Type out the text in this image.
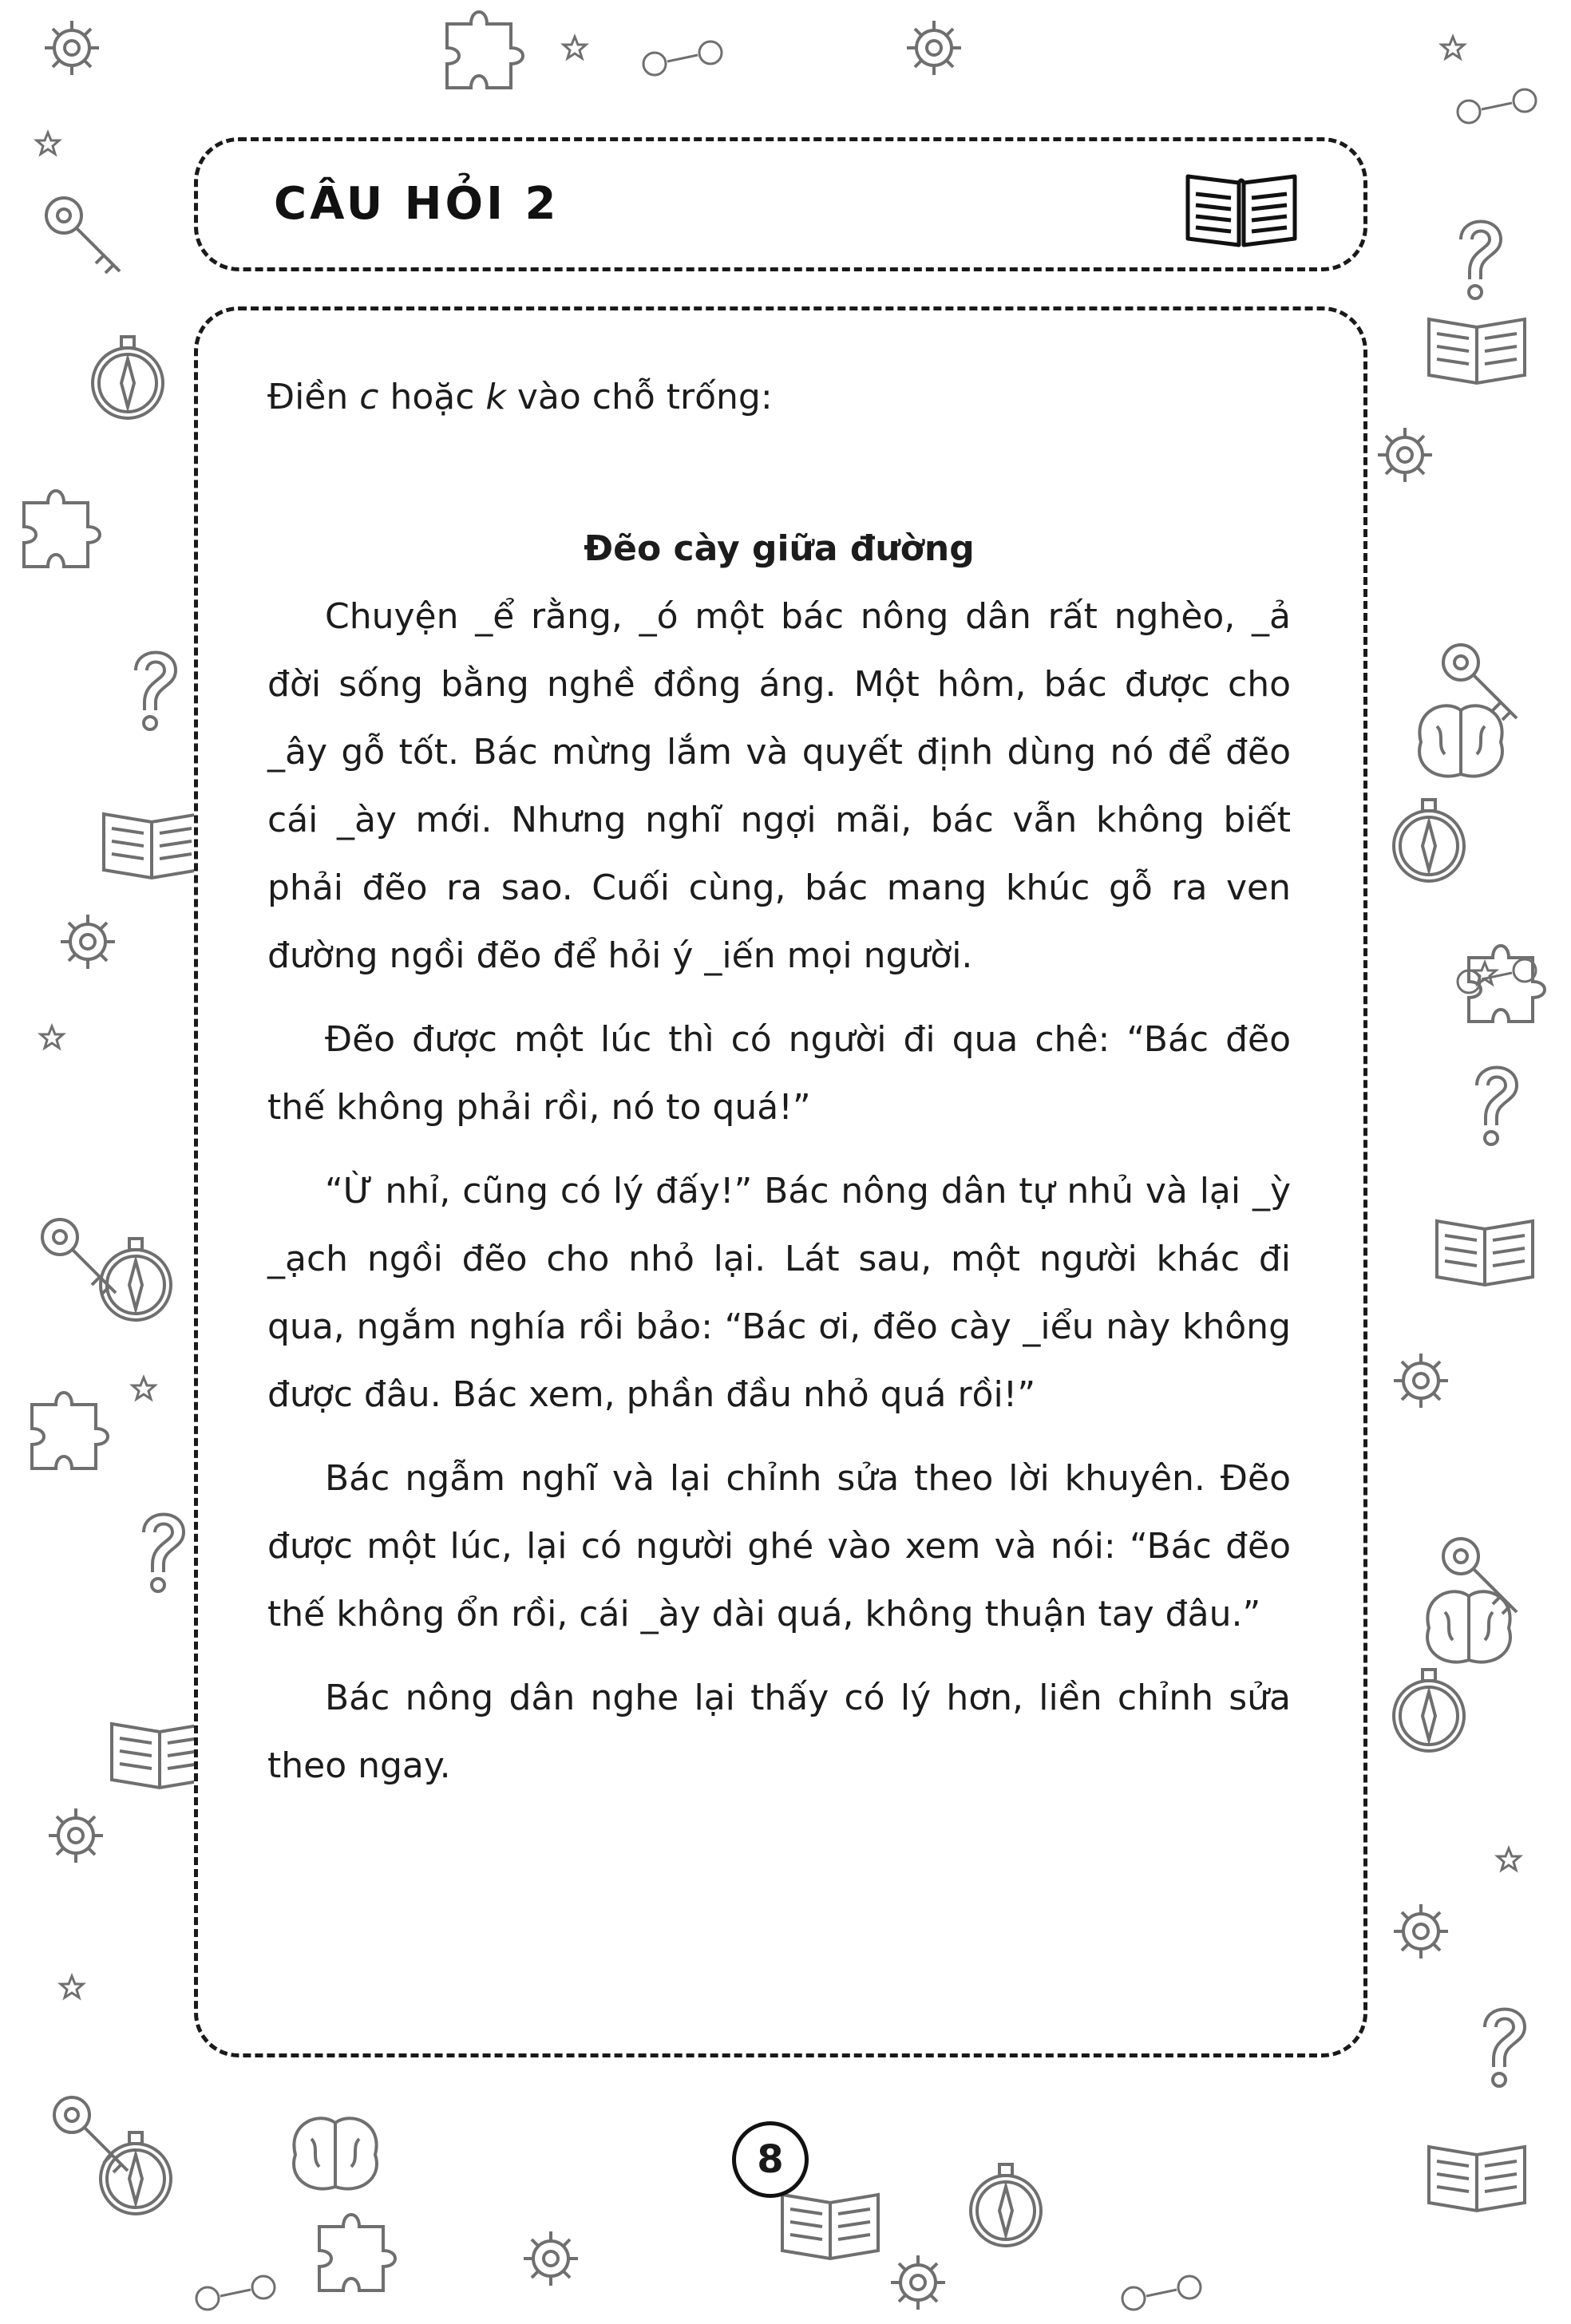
CÂU HỎI 2

Điền c hoặc k vào chỗ trống:

Đẽo cày giữa đường

Chuyện _ể rằng, _ó một bác nông dân rất nghèo, _ả đời sống bằng nghề đồng áng. Một hôm, bác được cho _ây gỗ tốt. Bác mừng lắm và quyết định dùng nó để đẽo cái _ày mới. Nhưng nghĩ ngợi mãi, bác vẫn không biết phải đẽo ra sao. Cuối cùng, bác mang khúc gỗ ra ven đường ngồi đẽo để hỏi ý _iến mọi người.

Đẽo được một lúc thì có người đi qua chê: “Bác đẽo thế không phải rồi, nó to quá!”

“Ừ nhỉ, cũng có lý đấy!” Bác nông dân tự nhủ và lại _ỳ _ạch ngồi đẽo cho nhỏ lại. Lát sau, một người khác đi qua, ngắm nghía rồi bảo: “Bác ơi, đẽo cày _iểu này không được đâu. Bác xem, phần đầu nhỏ quá rồi!”

Bác ngẫm nghĩ và lại chỉnh sửa theo lời khuyên. Đẽo được một lúc, lại có người ghé vào xem và nói: “Bác đẽo thế không ổn rồi, cái _ày dài quá, không thuận tay đâu.”

Bác nông dân nghe lại thấy có lý hơn, liền chỉnh sửa theo ngay.

8
